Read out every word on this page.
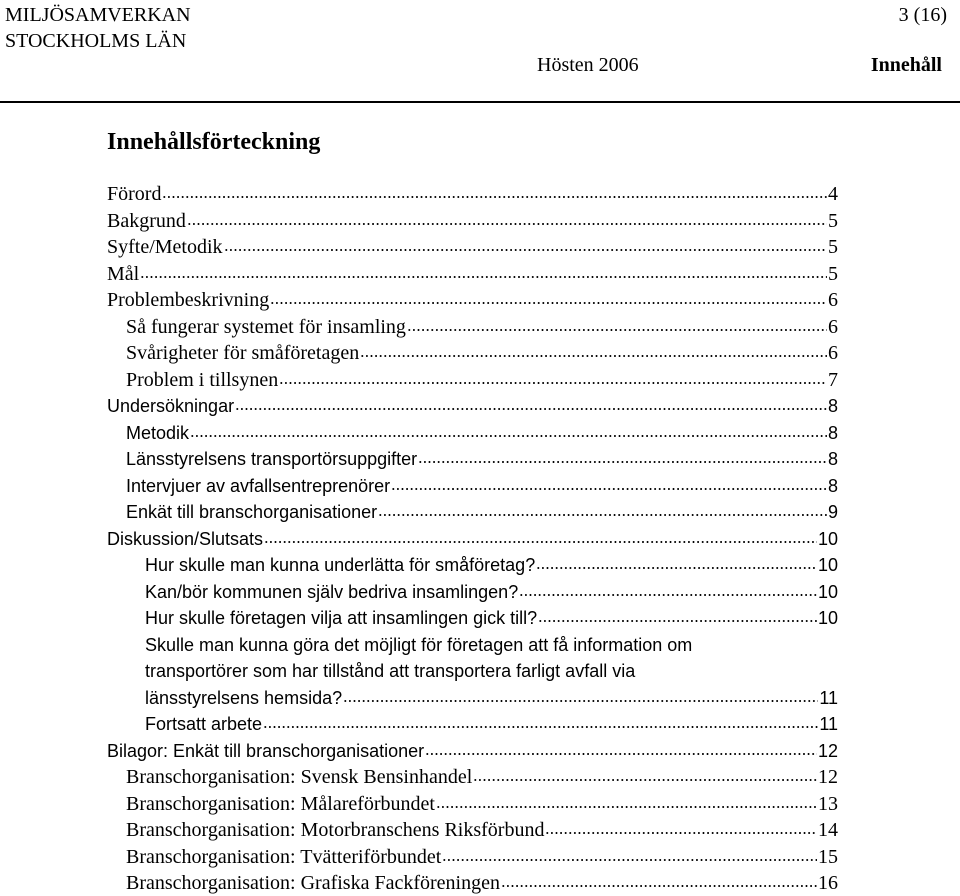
MILJÖSAMVERKAN
STOCKHOLMS LÄN
3 (16)
Hösten 2006	Innehåll
Innehållsförteckning
Förord	4
Bakgrund	5
Syfte/Metodik	5
Mål	5
Problembeskrivning	6
Så fungerar systemet för insamling	6
Svårigheter för småföretagen	6
Problem i tillsynen	7
Undersökningar	8
Metodik	8
Länsstyrelsens transportörsuppgifter	8
Intervjuer av avfallsentreprenörer	8
Enkät till branschorganisationer	9
Diskussion/Slutsats	10
Hur skulle man kunna underlätta för småföretag?	10
Kan/bör kommunen själv bedriva insamlingen?	10
Hur skulle företagen vilja att insamlingen gick till?	10
Skulle man kunna göra det möjligt för företagen att få information om
transportörer som har tillstånd att transportera farligt avfall via
länsstyrelsens hemsida?	11
Fortsatt arbete	11
Bilagor: Enkät till branschorganisationer	12
Branschorganisation: Svensk Bensinhandel	12
Branschorganisation: Målareförbundet	13
Branschorganisation: Motorbranschens Riksförbund	14
Branschorganisation: Tvätteriförbundet	15
Branschorganisation: Grafiska Fackföreningen	16
